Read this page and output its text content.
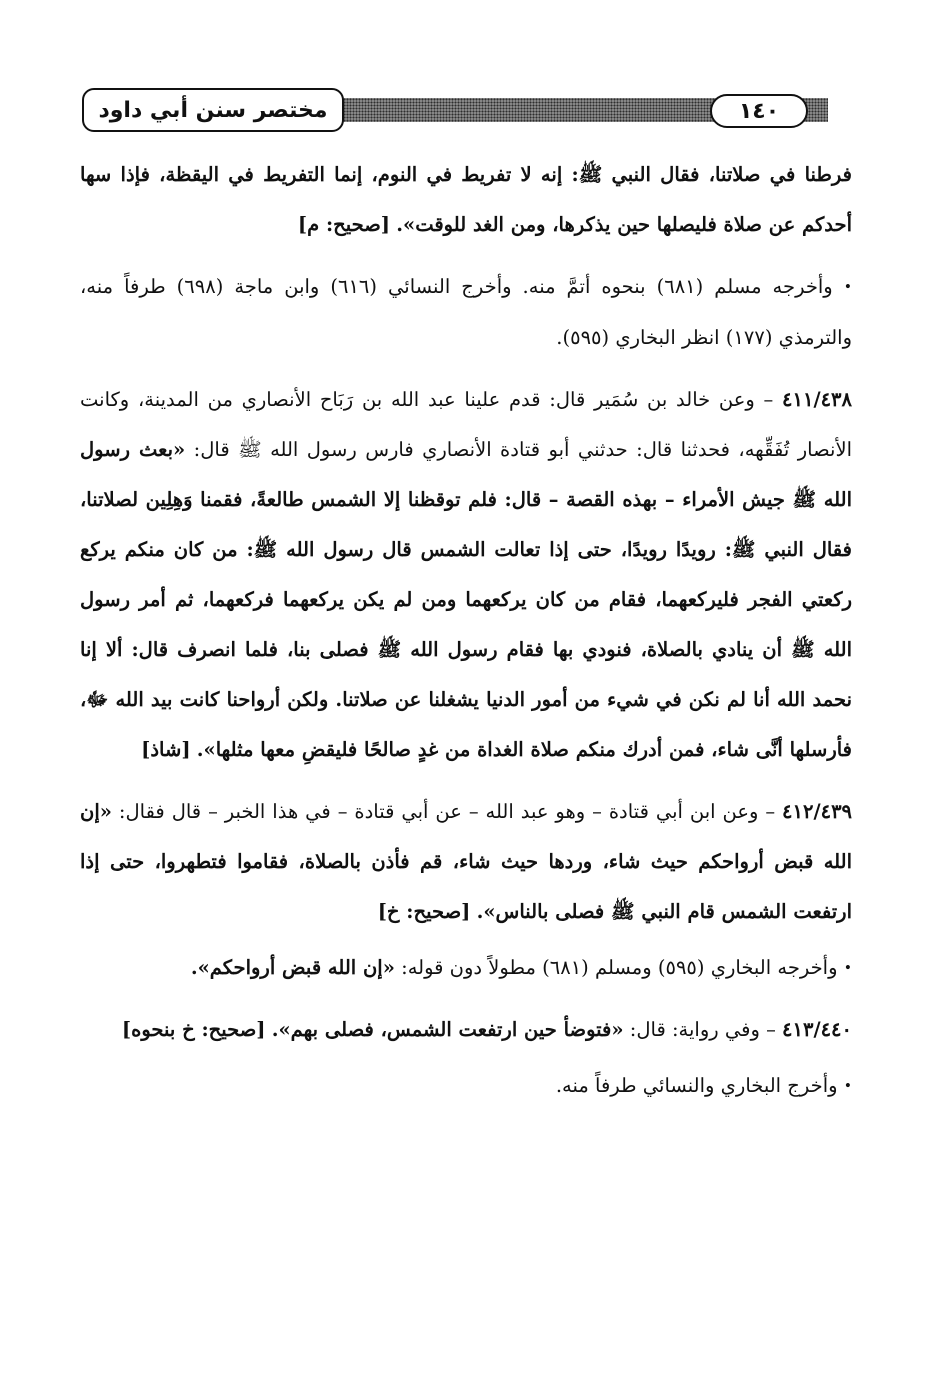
مختصر سنن أبي داود	١٤٠

فرطنا في صلاتنا، فقال النبي ﷺ: إنه لا تفريط في النوم، إنما التفريط في اليقظة، فإذا سها أحدكم عن صلاة فليصلها حين يذكرها، ومن الغد للوقت». [صحيح: م]

• وأخرجه مسلم (٦٨١) بنحوه أتمَّ منه. وأخرج النسائي (٦١٦) وابن ماجة (٦٩٨) طرفاً منه، والترمذي (١٧٧) انظر البخاري (٥٩٥).

٤١١/٤٣٨ – وعن خالد بن سُمَير قال: قدم علينا عبد الله بن رَبَاح الأنصاري من المدينة، وكانت الأنصار تُفَقِّهه، فحدثنا قال: حدثني أبو قتادة الأنصاري فارس رسول الله ﷺ قال: «بعث رسول الله ﷺ جيش الأمراء – بهذه القصة – قال: فلم توقظنا إلا الشمس طالعةً، فقمنا وَهِلِين لصلاتنا، فقال النبي ﷺ: رويدًا رويدًا، حتى إذا تعالت الشمس قال رسول الله ﷺ: من كان منكم يركع ركعتي الفجر فليركعهما، فقام من كان يركعهما ومن لم يكن يركعهما فركعهما، ثم أمر رسول الله ﷺ أن ينادي بالصلاة، فنودي بها فقام رسول الله ﷺ فصلى بنا، فلما انصرف قال: ألا إنا نحمد الله أنا لم نكن في شيء من أمور الدنيا يشغلنا عن صلاتنا. ولكن أرواحنا كانت بيد الله ﷻ، فأرسلها أنَّى شاء، فمن أدرك منكم صلاة الغداة من غدٍ صالحًا فليقضِ معها مثلها». [شاذ]

٤١٢/٤٣٩ – وعن ابن أبي قتادة – وهو عبد الله – عن أبي قتادة – في هذا الخبر – قال فقال: «إن الله قبض أرواحكم حيث شاء، وردها حيث شاء، قم فأذن بالصلاة، فقاموا فتطهروا، حتى إذا ارتفعت الشمس قام النبي ﷺ فصلى بالناس». [صحيح: خ]

• وأخرجه البخاري (٥٩٥) ومسلم (٦٨١) مطولاً دون قوله: «إن الله قبض أرواحكم».

٤١٣/٤٤٠ – وفي رواية: قال: «فتوضأ حين ارتفعت الشمس، فصلى بهم». [صحيح: خ بنحوه]

• وأخرج البخاري والنسائي طرفاً منه.
